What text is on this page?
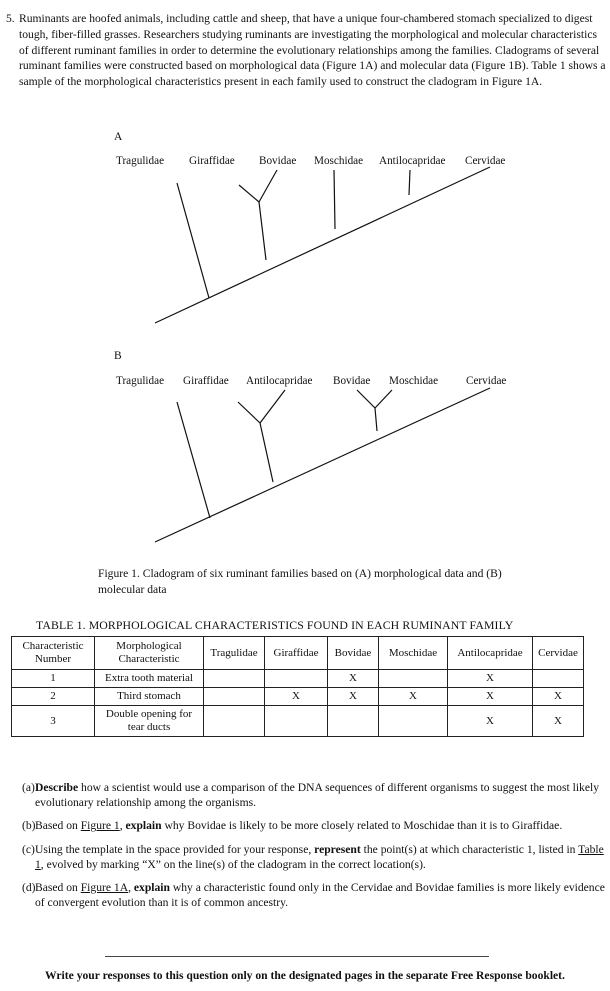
5. Ruminants are hoofed animals, including cattle and sheep, that have a unique four-chambered stomach specialized to digest tough, fiber-filled grasses. Researchers studying ruminants are investigating the morphological and molecular characteristics of different ruminant families in order to determine the evolutionary relationships among the families. Cladograms of several ruminant families were constructed based on morphological data (Figure 1A) and molecular data (Figure 1B). Table 1 shows a sample of the morphological characteristics present in each family used to construct the cladogram in Figure 1A.
A
Tragulidae Giraffidae Bovidae Moschidae Antilocapridae Cervidae
B
Tragulidae Giraffidae Antilocapridae Bovidae Moschidae Cervidae
Figure 1. Cladogram of six ruminant families based on (A) morphological data and (B) molecular data
TABLE 1. MORPHOLOGICAL CHARACTERISTICS FOUND IN EACH RUMINANT FAMILY
Characteristic Number	Morphological Characteristic	Tragulidae	Giraffidae	Bovidae	Moschidae	Antilocapridae	Cervidae
1	Extra tooth material			X		X	
2	Third stomach		X	X	X	X	X
3	Double opening for tear ducts					X	X
(a) Describe how a scientist would use a comparison of the DNA sequences of different organisms to suggest the most likely evolutionary relationship among the organisms.
(b) Based on Figure 1, explain why Bovidae is likely to be more closely related to Moschidae than it is to Giraffidae.
(c) Using the template in the space provided for your response, represent the point(s) at which characteristic 1, listed in Table 1, evolved by marking “X” on the line(s) of the cladogram in the correct location(s).
(d) Based on Figure 1A, explain why a characteristic found only in the Cervidae and Bovidae families is more likely evidence of convergent evolution than it is of common ancestry.
Write your responses to this question only on the designated pages in the separate Free Response booklet.
